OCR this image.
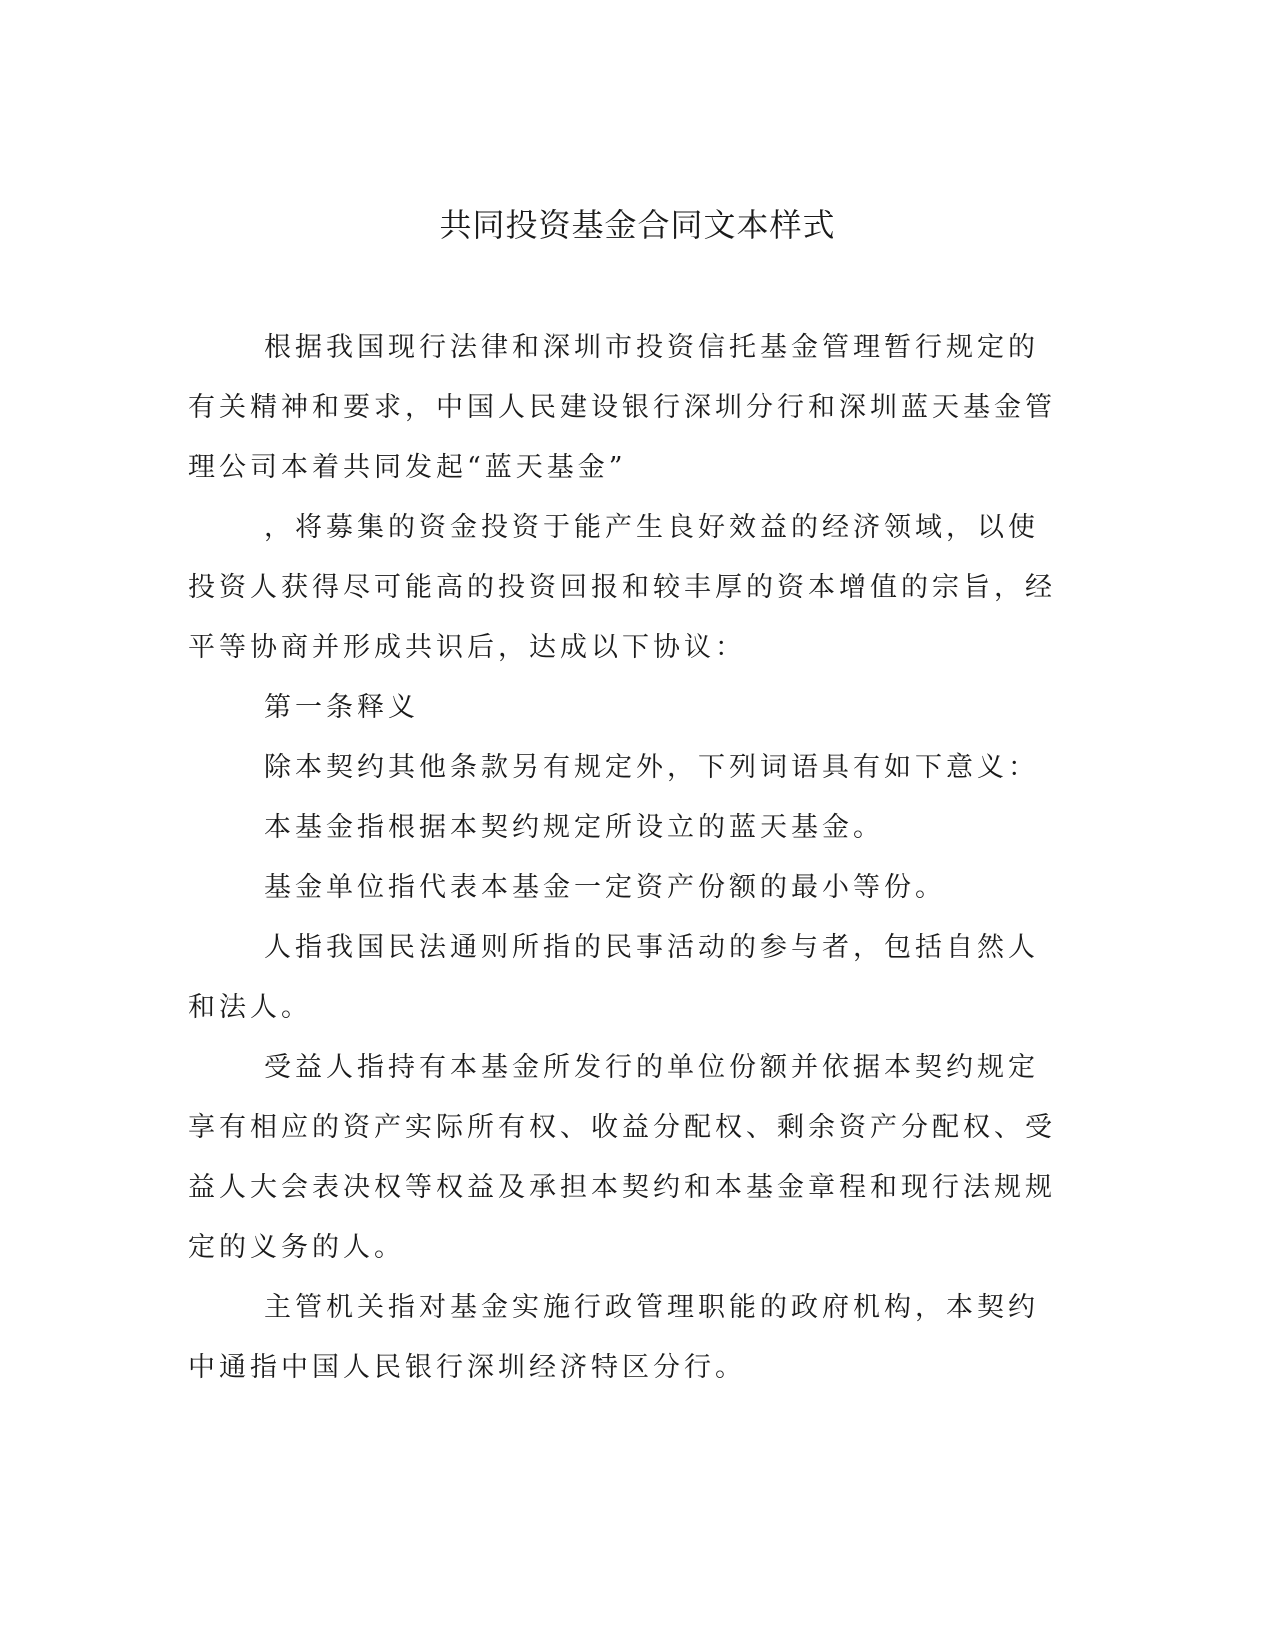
共同投资基金合同文本样式

根据我国现行法律和深圳市投资信托基金管理暂行规定的有关精神和要求，中国人民建设银行深圳分行和深圳蓝天基金管理公司本着共同发起“蓝天基金”

，将募集的资金投资于能产生良好效益的经济领域，以使投资人获得尽可能高的投资回报和较丰厚的资本增值的宗旨，经平等协商并形成共识后，达成以下协议：

第一条释义

除本契约其他条款另有规定外，下列词语具有如下意义：

本基金指根据本契约规定所设立的蓝天基金。

基金单位指代表本基金一定资产份额的最小等份。

人指我国民法通则所指的民事活动的参与者，包括自然人和法人。

受益人指持有本基金所发行的单位份额并依据本契约规定享有相应的资产实际所有权、收益分配权、剩余资产分配权、受益人大会表决权等权益及承担本契约和本基金章程和现行法规规定的义务的人。

主管机关指对基金实施行政管理职能的政府机构，本契约中通指中国人民银行深圳经济特区分行。
